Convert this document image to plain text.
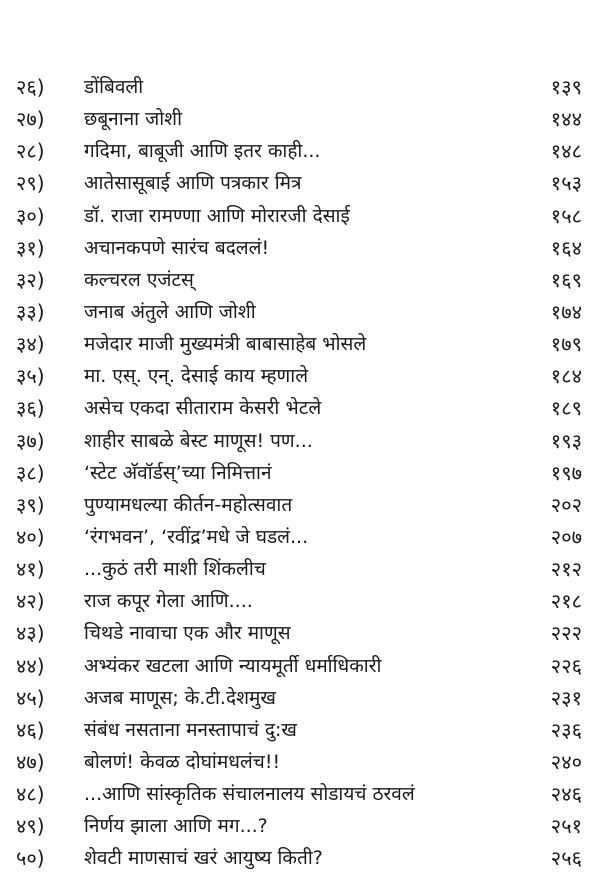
२६)	डोंबिवली	१३९
२७)	छबूनाना जोशी	१४४
२८)	गदिमा, बाबूजी आणि इतर काही...	१४८
२९)	आतेसासूबाई आणि पत्रकार मित्र	१५३
३०)	डॉ. राजा रामण्णा आणि मोरारजी देसाई	१५८
३१)	अचानकपणे सारंच बदललं!	१६४
३२)	कल्चरल एजंटस्	१६९
३३)	जनाब अंतुले आणि जोशी	१७४
३४)	मजेदार माजी मुख्यमंत्री बाबासाहेब भोसले	१७९
३५)	मा. एस्. एन्. देसाई काय म्हणाले	१८४
३६)	असेच एकदा सीताराम केसरी भेटले	१८९
३७)	शाहीर साबळे बेस्ट माणूस! पण...	१९३
३८)	‘स्टेट अ‍ॅवॉर्डस्’च्या निमित्तानं	१९७
३९)	पुण्यामधल्या कीर्तन-महोत्सवात	२०२
४०)	‘रंगभवन’, ‘रवींद्र’मधे जे घडलं...	२०७
४१)	...कुठं तरी माशी शिंकलीच	२१२
४२)	राज कपूर गेला आणि....	२१८
४३)	चिथडे नावाचा एक और माणूस	२२२
४४)	अभ्यंकर खटला आणि न्यायमूर्ती धर्माधिकारी	२२६
४५)	अजब माणूस; के.टी.देशमुख	२३१
४६)	संबंध नसताना मनस्तापाचं दु:ख	२३६
४७)	बोलणं! केवळ दोघांमधलंच!!	२४०
४८)	...आणि सांस्कृतिक संचालनालय सोडायचं ठरवलं	२४६
४९)	निर्णय झाला आणि मग...?	२५१
५०)	शेवटी माणसाचं खरं आयुष्य किती?	२५६
